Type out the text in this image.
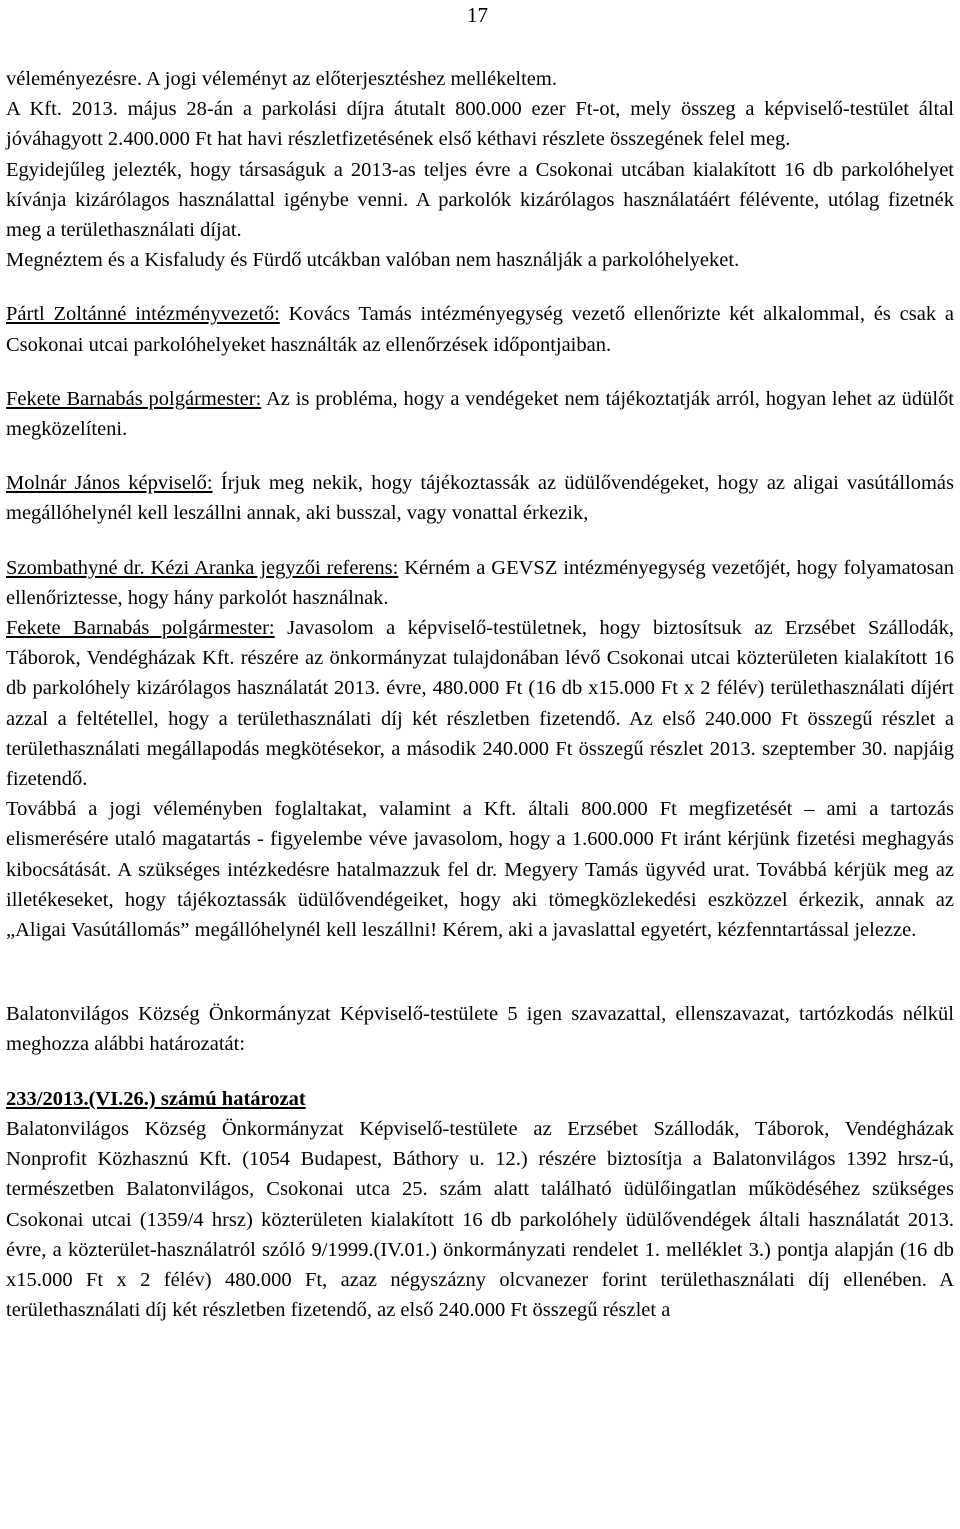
17

véleményezésre. A jogi véleményt az előterjesztéshez mellékeltem.

A Kft. 2013. május 28-án a parkolási díjra átutalt 800.000 ezer Ft-ot, mely összeg a képviselő-testület által jóváhagyott 2.400.000 Ft hat havi részletfizetésének első kéthavi részlete összegének felel meg.

Egyidejűleg jelezték, hogy társaságuk a 2013-as teljes évre a Csokonai utcában kialakított 16 db parkolóhelyet kívánja kizárólagos használattal igénybe venni. A parkolók kizárólagos használatáért félévente, utólag fizetnék meg a területhasználati díjat.

Megnéztem és a Kisfaludy és Fürdő utcákban valóban nem használják a parkolóhelyeket.

Pártl Zoltánné intézményvezető: Kovács Tamás intézményegység vezető ellenőrizte két alkalommal, és csak a Csokonai utcai parkolóhelyeket használták az ellenőrzések időpontjaiban.

Fekete Barnabás polgármester: Az is probléma, hogy a vendégeket nem tájékoztatják arról, hogyan lehet az üdülőt megközelíteni.

Molnár János képviselő: Írjuk meg nekik, hogy tájékoztassák az üdülővendégeket, hogy az aligai vasútállomás megállóhelynél kell leszállni annak, aki busszal, vagy vonattal érkezik,

Szombathyné dr. Kézi Aranka jegyzői referens: Kérném a GEVSZ intézményegység vezetőjét, hogy folyamatosan ellenőriztesse, hogy hány parkolót használnak.

Fekete Barnabás polgármester: Javasolom a képviselő-testületnek, hogy biztosítsuk az Erzsébet Szállodák, Táborok, Vendégházak Kft. részére az önkormányzat tulajdonában lévő Csokonai utcai közterületen kialakított 16 db parkolóhely kizárólagos használatát 2013. évre, 480.000 Ft (16 db x15.000 Ft x 2 félév) területhasználati díjért azzal a feltétellel, hogy a területhasználati díj két részletben fizetendő. Az első 240.000 Ft összegű részlet a területhasználati megállapodás megkötésekor, a második 240.000 Ft összegű részlet 2013. szeptember 30. napjáig fizetendő.

Továbbá a jogi véleményben foglaltakat, valamint a Kft. általi 800.000 Ft megfizetését – ami a tartozás elismerésére utaló magatartás - figyelembe véve javasolom, hogy a 1.600.000 Ft iránt kérjünk fizetési meghagyás kibocsátását. A szükséges intézkedésre hatalmazzuk fel dr. Megyery Tamás ügyvéd urat. Továbbá kérjük meg az illetékeseket, hogy tájékoztassák üdülővendégeiket, hogy aki tömegközlekedési eszközzel érkezik, annak az „Aligai Vasútállomás” megállóhelynél kell leszállni! Kérem, aki a javaslattal egyetért, kézfenntartással jelezze.

Balatonvilágos Község Önkormányzat Képviselő-testülete 5 igen szavazattal, ellenszavazat, tartózkodás nélkül meghozza alábbi határozatát:

233/2013.(VI.26.) számú határozat

Balatonvilágos Község Önkormányzat Képviselő-testülete az Erzsébet Szállodák, Táborok, Vendégházak Nonprofit Közhasznú Kft. (1054 Budapest, Báthory u. 12.) részére biztosítja a Balatonvilágos 1392 hrsz-ú, természetben Balatonvilágos, Csokonai utca 25. szám alatt található üdülőingatlan működéséhez szükséges Csokonai utcai (1359/4 hrsz) közterületen kialakított 16 db parkolóhely üdülővendégek általi használatát 2013. évre, a közterület-használatról szóló 9/1999.(IV.01.) önkormányzati rendelet 1. melléklet 3.) pontja alapján (16 db x15.000 Ft x 2 félév) 480.000 Ft, azaz négyszázny olcvanezer forint területhasználati díj ellenében. A területhasználati díj két részletben fizetendő, az első 240.000 Ft összegű részlet a
